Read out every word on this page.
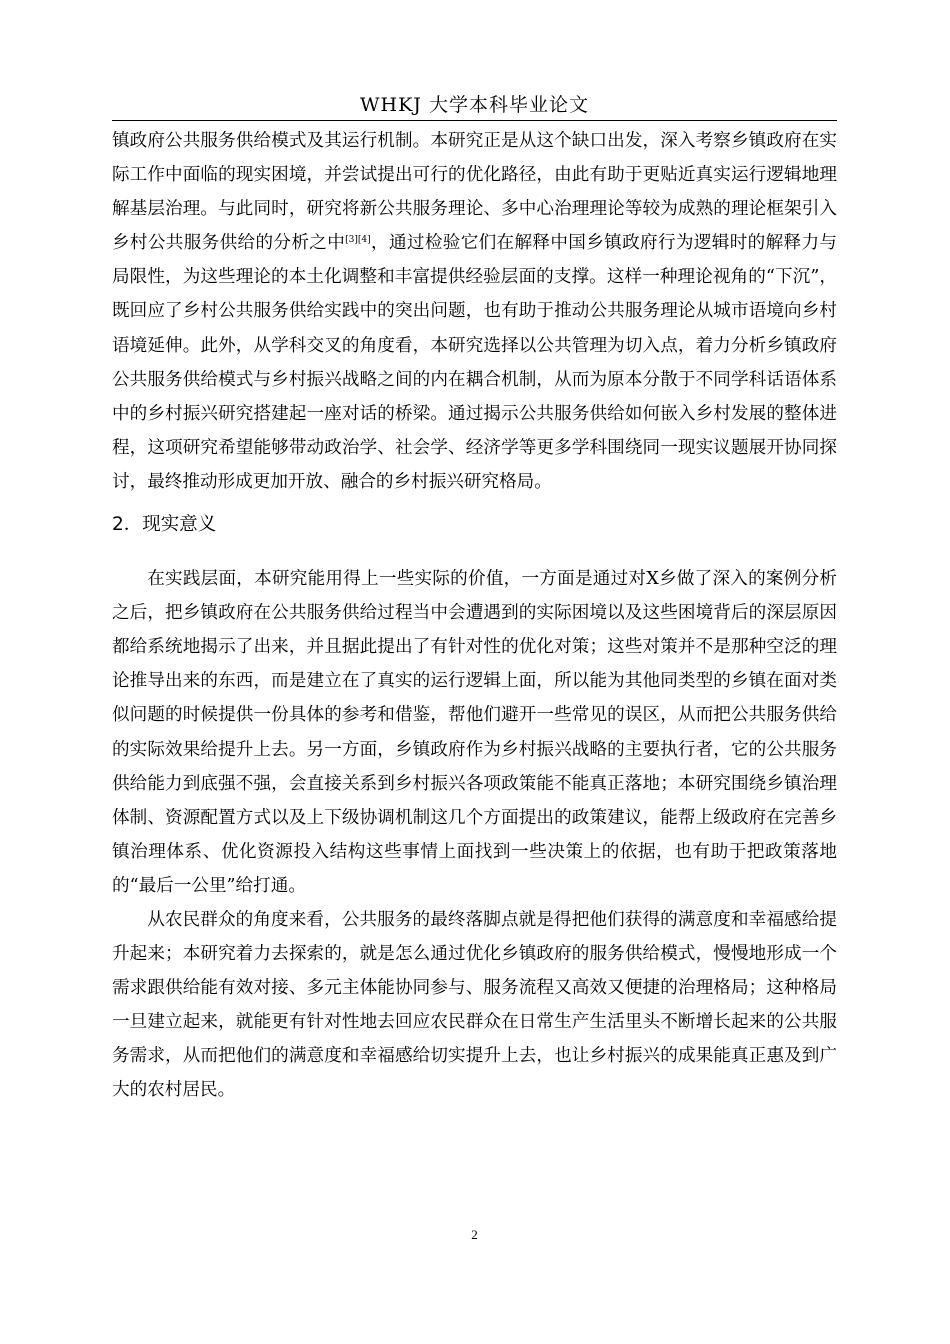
WHKJ 大学本科毕业论文

镇政府公共服务供给模式及其运行机制。本研究正是从这个缺口出发，深入考察乡镇政府在实际工作中面临的现实困境，并尝试提出可行的优化路径，由此有助于更贴近真实运行逻辑地理解基层治理。与此同时，研究将新公共服务理论、多中心治理理论等较为成熟的理论框架引入乡村公共服务供给的分析之中[3][4]，通过检验它们在解释中国乡镇政府行为逻辑时的解释力与局限性，为这些理论的本土化调整和丰富提供经验层面的支撑。这样一种理论视角的“下沉”，既回应了乡村公共服务供给实践中的突出问题，也有助于推动公共服务理论从城市语境向乡村语境延伸。此外，从学科交叉的角度看，本研究选择以公共管理为切入点，着力分析乡镇政府公共服务供给模式与乡村振兴战略之间的内在耦合机制，从而为原本分散于不同学科话语体系中的乡村振兴研究搭建起一座对话的桥梁。通过揭示公共服务供给如何嵌入乡村发展的整体进程，这项研究希望能够带动政治学、社会学、经济学等更多学科围绕同一现实议题展开协同探讨，最终推动形成更加开放、融合的乡村振兴研究格局。

2．现实意义

在实践层面，本研究能用得上一些实际的价值，一方面是通过对X乡做了深入的案例分析之后，把乡镇政府在公共服务供给过程当中会遭遇到的实际困境以及这些困境背后的深层原因都给系统地揭示了出来，并且据此提出了有针对性的优化对策；这些对策并不是那种空泛的理论推导出来的东西，而是建立在了真实的运行逻辑上面，所以能为其他同类型的乡镇在面对类似问题的时候提供一份具体的参考和借鉴，帮他们避开一些常见的误区，从而把公共服务供给的实际效果给提升上去。另一方面，乡镇政府作为乡村振兴战略的主要执行者，它的公共服务供给能力到底强不强，会直接关系到乡村振兴各项政策能不能真正落地；本研究围绕乡镇治理体制、资源配置方式以及上下级协调机制这几个方面提出的政策建议，能帮上级政府在完善乡镇治理体系、优化资源投入结构这些事情上面找到一些决策上的依据，也有助于把政策落地的“最后一公里”给打通。

从农民群众的角度来看，公共服务的最终落脚点就是得把他们获得的满意度和幸福感给提升起来；本研究着力去探索的，就是怎么通过优化乡镇政府的服务供给模式，慢慢地形成一个需求跟供给能有效对接、多元主体能协同参与、服务流程又高效又便捷的治理格局；这种格局一旦建立起来，就能更有针对性地去回应农民群众在日常生产生活里头不断增长起来的公共服务需求，从而把他们的满意度和幸福感给切实提升上去，也让乡村振兴的成果能真正惠及到广大的农村居民。

2
